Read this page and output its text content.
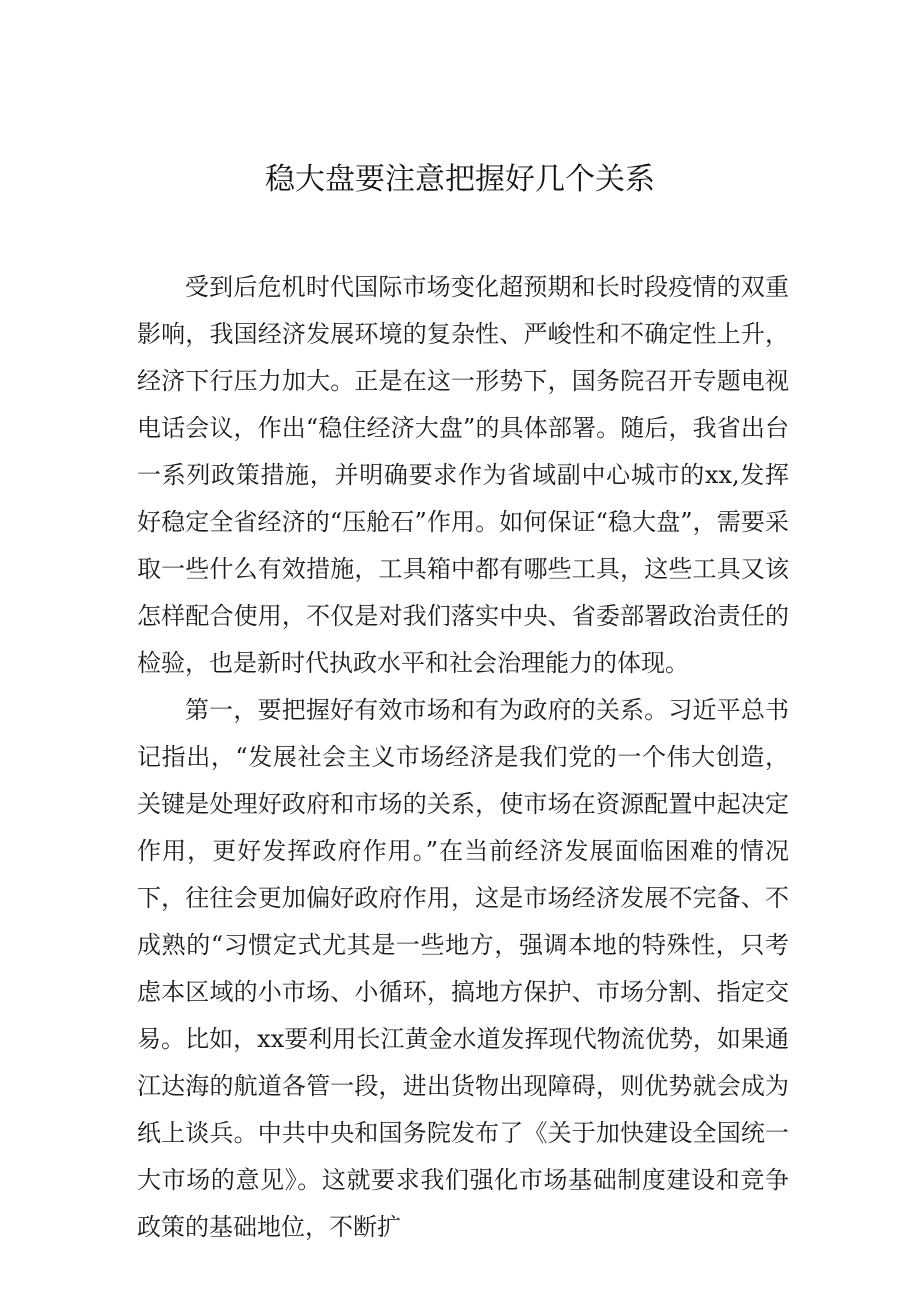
稳大盘要注意把握好几个关系

受到后危机时代国际市场变化超预期和长时段疫情的双重影响，我国经济发展环境的复杂性、严峻性和不确定性上升，经济下行压力加大。正是在这一形势下，国务院召开专题电视电话会议，作出“稳住经济大盘”的具体部署。随后，我省出台一系列政策措施，并明确要求作为省域副中心城市的xx,发挥好稳定全省经济的“压舱石”作用。如何保证“稳大盘”，需要采取一些什么有效措施，工具箱中都有哪些工具，这些工具又该怎样配合使用，不仅是对我们落实中央、省委部署政治责任的检验，也是新时代执政水平和社会治理能力的体现。

第一，要把握好有效市场和有为政府的关系。习近平总书记指出，“发展社会主义市场经济是我们党的一个伟大创造，关键是处理好政府和市场的关系，使市场在资源配置中起决定作用，更好发挥政府作用。”在当前经济发展面临困难的情况下，往往会更加偏好政府作用，这是市场经济发展不完备、不成熟的“习惯定式尤其是一些地方，强调本地的特殊性，只考虑本区域的小市场、小循环，搞地方保护、市场分割、指定交易。比如，xx要利用长江黄金水道发挥现代物流优势，如果通江达海的航道各管一段，进出货物出现障碍，则优势就会成为纸上谈兵。中共中央和国务院发布了《关于加快建设全国统一大市场的意见》。这就要求我们强化市场基础制度建设和竞争政策的基础地位，不断扩
